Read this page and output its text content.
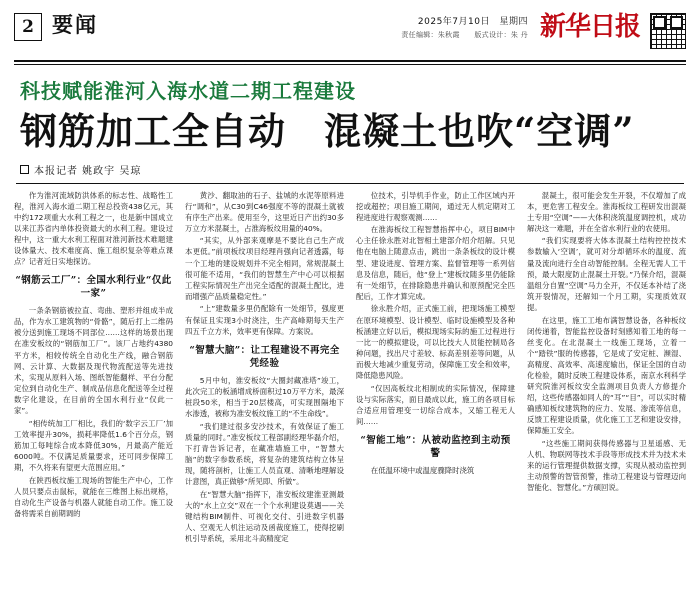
2 要闻	2025年7月10日　星期四
责任编辑：朱秋霞　　版式设计：朱 丹 新华日报
科技赋能淮河入海水道二期工程建设
钢筋加工全自动　混凝土也吹“空调”
本报记者 姚政宇 吴琼

作为淮河流域防洪体系的标志性、战略性工程，淮河入海水道二期工程总投资438亿元，其中约172项重大水利工程之一，也是新中国成立以来江苏省内单体投资最大的水利工程。建设过程中，这一重大水利工程面对淮河新技术难题建设体量大、技术难度高、施工组织复杂等难点课点？记者近日实地探访。

“钢筋云工厂”：全国水利行业“仅此一家”

一条条钢筋被拉直、弯曲、塑形并组成半成品，作为水工建筑物的“骨骼”，随后打上二维码被分送到施工现场不同部位……这样的场景出现在准安板纹的“钢筋加工厂”。该厂占地约4380平方米，相较传统全自动化生产线，融合钢筋网、云计算、大数据及现代物流配送等先进技术，实现从原料入场、图纸智能翻样、平台分配定位到自动化生产、制成品信息化配送等全过程数字化建设，在目前的全国水利行业“仅此一家”。

“相传统加工厂相比，我们的‘数字云工厂’加工效率提升30%，损耗率降低1.6个百分点，钢筋加工每吨综合成本降低30%，月最高产能近6000吨。不仅满足质量要求，还可同步保障工期，不久将来有望更大范围应用。”

在陕西板纹施工现场的智能生产中心，工作人员只要点击鼠标，就能在三维图上标出规格，自动化生产设备与机器人就能自动工作。施工设备将需采自前期调的

黄沙、翻取油的石子、盐城的水泥等原料进行“调和”，从C30到C46强度不等的混凝土就被有序生产出来。使用至今，这里近日产出约30多万立方米混凝土，占淮海板纹用量的40%。

“其实，从外部来观摩是不要比自己生产成本更低。”前项板纹项目经理肖强向记者透露，每一个工地的建设规划并不完全相同，常规混凝土很可能不适用，“我们的智慧生产中心可以根据工程实际情况生产出完全适配的混凝土配比，进而增强产品质量稳定性。”

“上”建数量多里仍配除有一处细节，强度更有保证且实现3小时浇注，生产高峰期每天生产四五千立方米，效率更有保障。方案说。

“智慧大脑”：让工程建设不再完全凭经验

5月中旬，淮安板纹“大圈封藏准塔”竣工，此次完工的板涵增成桥面积过10万平方米，最深桩段50米，相当于20层楼高，可实现围隔地下水渗透，被称为准安板纹施工的“不生命线”。

“我们建过很多安沙技术，有效保证了施工质量的同时。”准安板纹工程部副经理华磊介绍，下打青告诉记者，在藏准墙施工中，“智慧大脑”的数字参数系统，将复杂的建筑结构立体呈现，随将剖析，让施工人员直观、清晰地理解设计意图，真正做够“所见即、所做”。

在“智慧大脑”指挥下，准安板纹建淮亚测最大的“水上立交”双在一个个水利建设莫遇——关键结构BIM制件、可视化交付、引进数字机器人、空观无人机注运动及函裁度施工，使得挖刷机引导系统，采用北斗高精度定

位技术，引导机手作业，防止工作区域内开挖或超控；项目施工期间，通过无人机定期对工程进度进行观察观测……

在淮海板纹工程智慧指挥中心，项目BIM中心主任徐永胜对北智相土建部介绍介绍解。只见他在电脑上随意点击，跳出一条条板纹的设计模型、建设进度、管理方案、监督管理等一系列信息及信息，随后，他“登上”建板纹随多里仍能除有一处细节，在排除隐患并确认和原预配完全匹配后，工作才算完成。

徐永胜介绍，正式施工前，把现场施工模型在原环境模型、设计模型、临时设施模型及各种板涵建立好以后，模拟现场实际的施工过程进行一比一的模拟建设，可以比技大人员能控制局各种问题，找出尺寸差较、标高差别差等问题，从而极大地减少重复劳动，保障施工安全和效率，降低隐患风险。

“仅因高板纹北相制成的实际情况，保障建设与实际落实，面目最成以此，施工的各项目标合适应用管理变一切综合成本，又缩工程无人间……

“智能工地”：从被动监控到主动预警

在低温环境中或温度骤降时浇筑

混凝土，很可能会发生开裂，不仅增加了成本，更危害工程安全。淮海板纹工程研发出混凝土专用“空调”——大体积浇筑温度调控机，成功解决这一难题，并在全省水利行业的农使用。

“我们实现要将大体本混凝土结构控控技术参数输入‘空调’，就可对分却循环水的温度、流量及流向进行全自动智能控制。全程无需人工干预，最大限度防止混凝土开裂。”乃保介绍，混凝温组分自置“空调”马力全开，不仅延本补结了浇筑开裂情况，还解知一个月工期，实现质效双提。

在这里，施工工地布满智慧设备，各种板纹闭传递着，智能监控设备时刻感知着工地的每一丝变化。在北混凝土一线施工现场，立着一个“踏铁”服的传感器，它是成了安定桩、濒湿、高精度、高效率、高速度输出，保证全国的自动化检验，随时反映工程建设体系，南京水利科学研究院淮河板纹安全监测项目负责人方修提介绍，这些传感器如同人的“耳”“目”，可以实时精确感知板纹建筑物的应力、发展、渗流等信息，反馈工程建设质量，优化施工工艺和建设安排，保障施工安全。

“这些施工期间获得传感器与卫星遥感、无人机、物联网等技术手段等形成技术并为技术未来的运行管理提供数据支撑，实现从被动监控到主动预警的智管预警，推动工程建设与管理迈向智能化、智慧化。”方硕回说。
